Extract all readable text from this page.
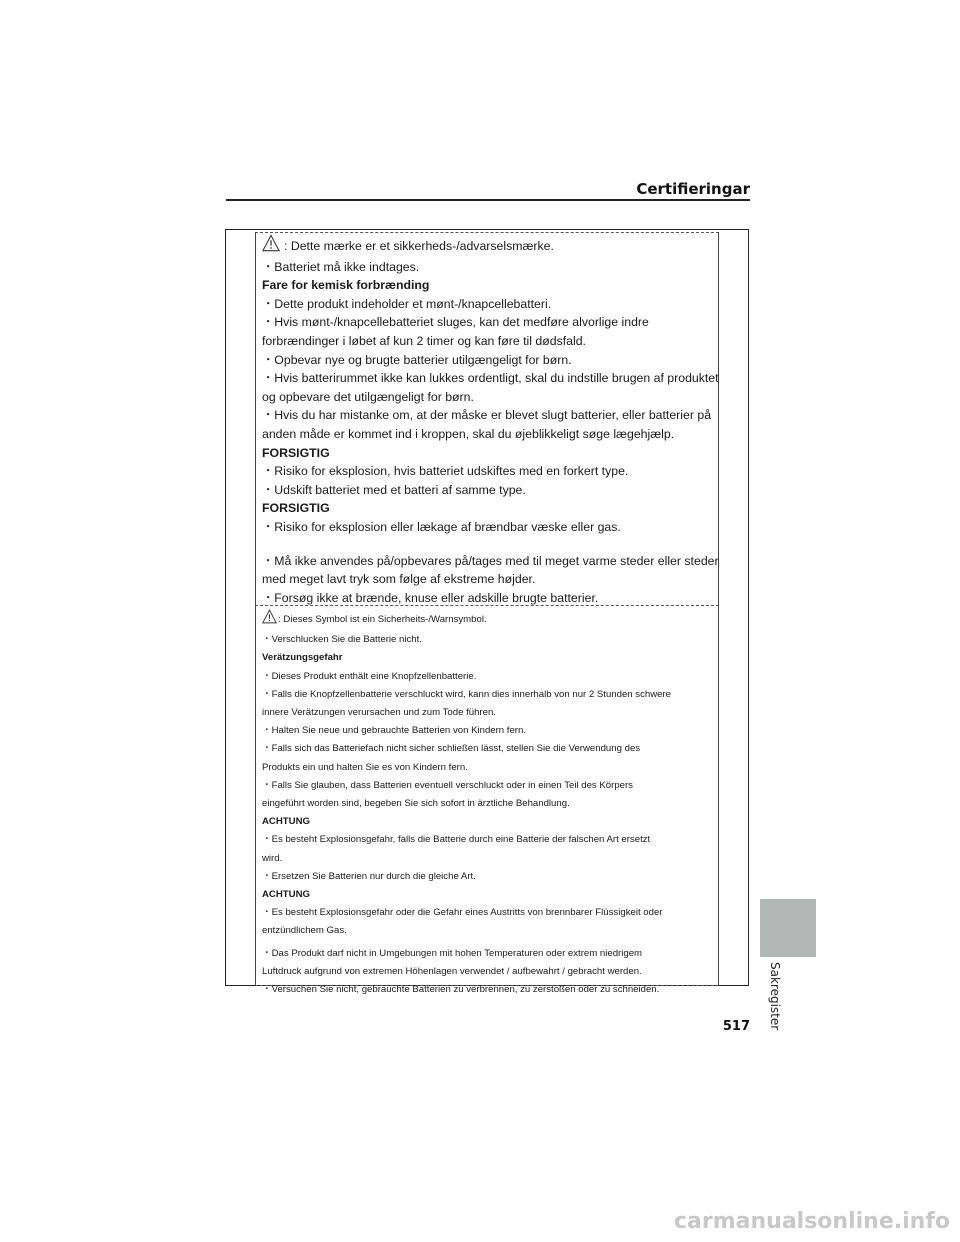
Certifieringar
: Dette mærke er et sikkerheds-/advarselsmærke.
・Batteriet må ikke indtages.
Fare for kemisk forbrænding
・Dette produkt indeholder et mønt-/knapcellebatteri.
・Hvis mønt-/knapcellebatteriet sluges, kan det medføre alvorlige indre
forbrændinger i løbet af kun 2 timer og kan føre til dødsfald.
・Opbevar nye og brugte batterier utilgængeligt for børn.
・Hvis batterirummet ikke kan lukkes ordentligt, skal du indstille brugen af produktet
og opbevare det utilgængeligt for børn.
・Hvis du har mistanke om, at der måske er blevet slugt batterier, eller batterier på
anden måde er kommet ind i kroppen, skal du øjeblikkeligt søge lægehjælp.
FORSIGTIG
・Risiko for eksplosion, hvis batteriet udskiftes med en forkert type.
・Udskift batteriet med et batteri af samme type.
FORSIGTIG
・Risiko for eksplosion eller lækage af brændbar væske eller gas.
・Må ikke anvendes på/opbevares på/tages med til meget varme steder eller steder
med meget lavt tryk som følge af ekstreme højder.
・Forsøg ikke at brænde, knuse eller adskille brugte batterier.
: Dieses Symbol ist ein Sicherheits-/Warnsymbol.
・Verschlucken Sie die Batterie nicht.
Verätzungsgefahr
・Dieses Produkt enthält eine Knopfzellenbatterie.
・Falls die Knopfzellenbatterie verschluckt wird, kann dies innerhalb von nur 2 Stunden schwere
innere Verätzungen verursachen und zum Tode führen.
・Halten Sie neue und gebrauchte Batterien von Kindern fern.
・Falls sich das Batteriefach nicht sicher schließen lässt, stellen Sie die Verwendung des
Produkts ein und halten Sie es von Kindern fern.
・Falls Sie glauben, dass Batterien eventuell verschluckt oder in einen Teil des Körpers
eingeführt worden sind, begeben Sie sich sofort in ärztliche Behandlung.
ACHTUNG
・Es besteht Explosionsgefahr, falls die Batterie durch eine Batterie der falschen Art ersetzt
wird.
・Ersetzen Sie Batterien nur durch die gleiche Art.
ACHTUNG
・Es besteht Explosionsgefahr oder die Gefahr eines Austritts von brennbarer Flüssigkeit oder
entzündlichem Gas.
・Das Produkt darf nicht in Umgebungen mit hohen Temperaturen oder extrem niedrigem
Luftdruck aufgrund von extremen Höhenlagen verwendet / aufbewahrt / gebracht werden.
・Versuchen Sie nicht, gebrauchte Batterien zu verbrennen, zu zerstoßen oder zu schneiden.	Sakregister
517
carmanualsonline.info
